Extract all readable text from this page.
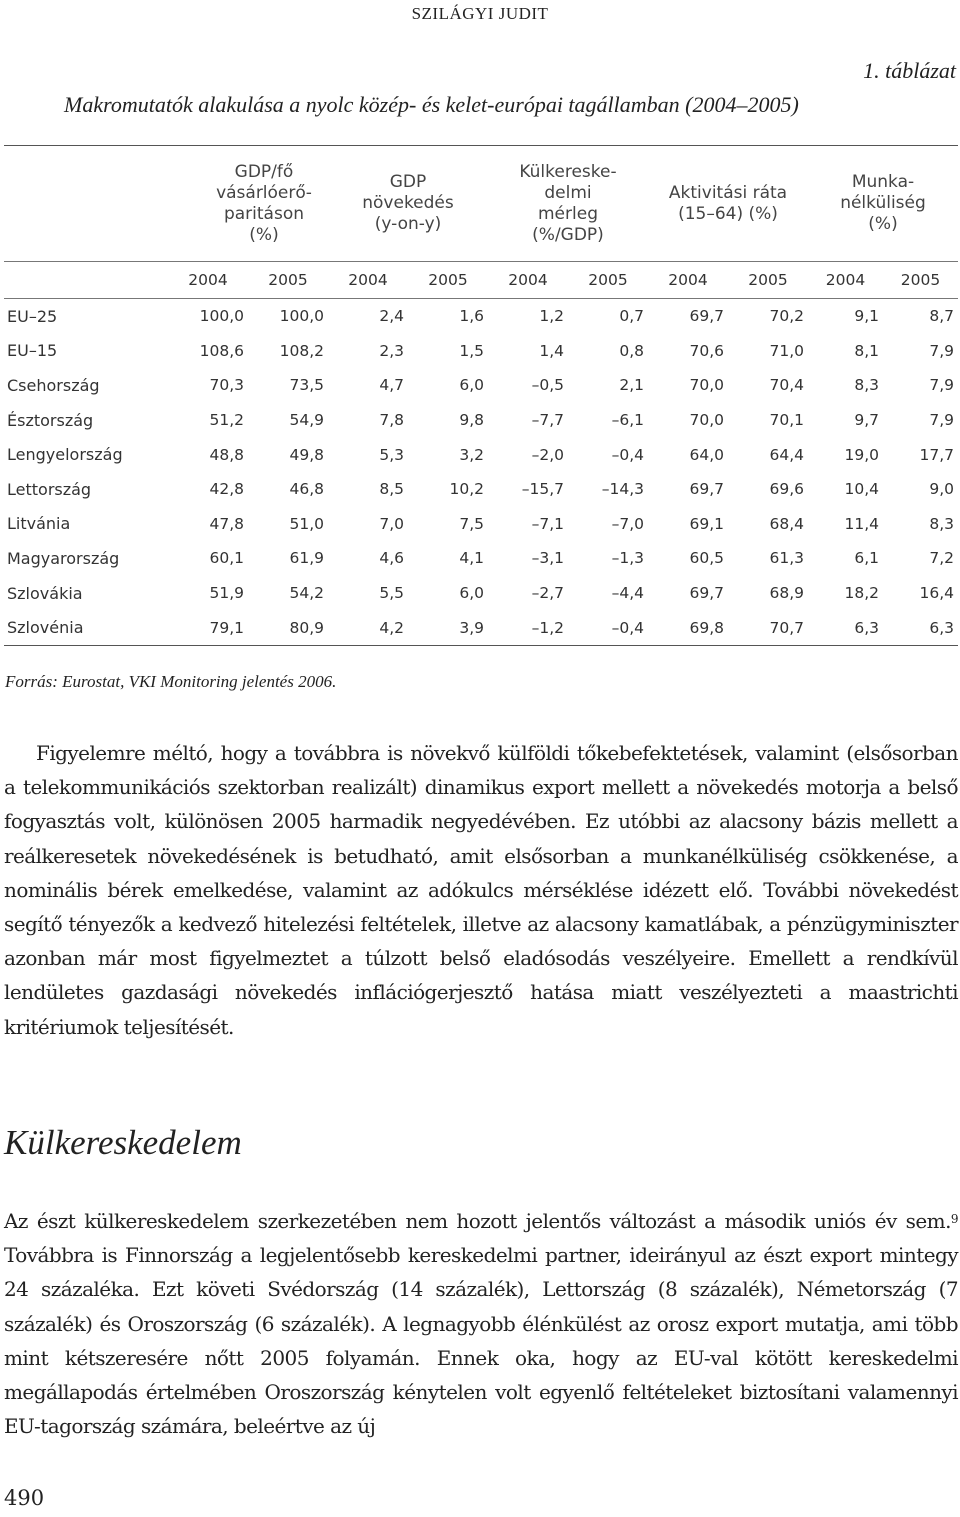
SZILÁGYI JUDIT
1. táblázat
Makromutatók alakulása a nyolc közép- és kelet-európai tagállamban (2004–2005)
	GDP/fő vásárlóerő-paritáson (%)		GDP növekedés (y-on-y)		Külkereske-delmi mérleg (%/GDP)		Aktivitási ráta (15–64) (%)		Munka-nélküliség (%)	
	2004	2005	2004	2005	2004	2005	2004	2005	2004	2005
EU–25	100,0	100,0	2,4	1,6	1,2	0,7	69,7	70,2	9,1	8,7
EU–15	108,6	108,2	2,3	1,5	1,4	0,8	70,6	71,0	8,1	7,9
Csehország	70,3	73,5	4,7	6,0	–0,5	2,1	70,0	70,4	8,3	7,9
Észtország	51,2	54,9	7,8	9,8	–7,7	–6,1	70,0	70,1	9,7	7,9
Lengyelország	48,8	49,8	5,3	3,2	–2,0	–0,4	64,0	64,4	19,0	17,7
Lettország	42,8	46,8	8,5	10,2	–15,7	–14,3	69,7	69,6	10,4	9,0
Litvánia	47,8	51,0	7,0	7,5	–7,1	–7,0	69,1	68,4	11,4	8,3
Magyarország	60,1	61,9	4,6	4,1	–3,1	–1,3	60,5	61,3	6,1	7,2
Szlovákia	51,9	54,2	5,5	6,0	–2,7	–4,4	69,7	68,9	18,2	16,4
Szlovénia	79,1	80,9	4,2	3,9	–1,2	–0,4	69,8	70,7	6,3	6,3
Forrás: Eurostat, VKI Monitoring jelentés 2006.

Figyelemre méltó, hogy a továbbra is növekvő külföldi tőkebefektetések, valamint (elsősorban a telekommunikációs szektorban realizált) dinamikus export mellett a növekedés motorja a belső fogyasztás volt, különösen 2005 harmadik negyedévében. Ez utóbbi az alacsony bázis mellett a reálkeresetek növekedésének is betudható, amit elsősorban a munkanélküliség csökkenése, a nominális bérek emelkedése, valamint az adókulcs mérséklése idézett elő. További növekedést segítő tényezők a kedvező hitelezési feltételek, illetve az alacsony kamatlábak, a pénzügyminiszter azonban már most figyelmeztet a túlzott belső eladósodás veszélyeire. Emellett a rendkívül lendületes gazdasági növekedés inflációgerjesztő hatása miatt veszélyezteti a maastrichti kritériumok teljesítését.

Külkereskedelem

Az észt külkereskedelem szerkezetében nem hozott jelentős változást a második uniós év sem.$^9$ Továbbra is Finnország a legjelentősebb kereskedelmi partner, ideirányul az észt export mintegy 24 százaléka. Ezt követi Svédország (14 százalék), Lettország (8 százalék), Németország (7 százalék) és Oroszország (6 százalék). A legnagyobb élénkülést az orosz export mutatja, ami több mint kétszeresére nőtt 2005 folyamán. Ennek oka, hogy az EU-val kötött kereskedelmi megállapodás értelmében Oroszország kénytelen volt egyenlő feltételeket biztosítani valamennyi EU-tagország számára, beleértve az új

490
